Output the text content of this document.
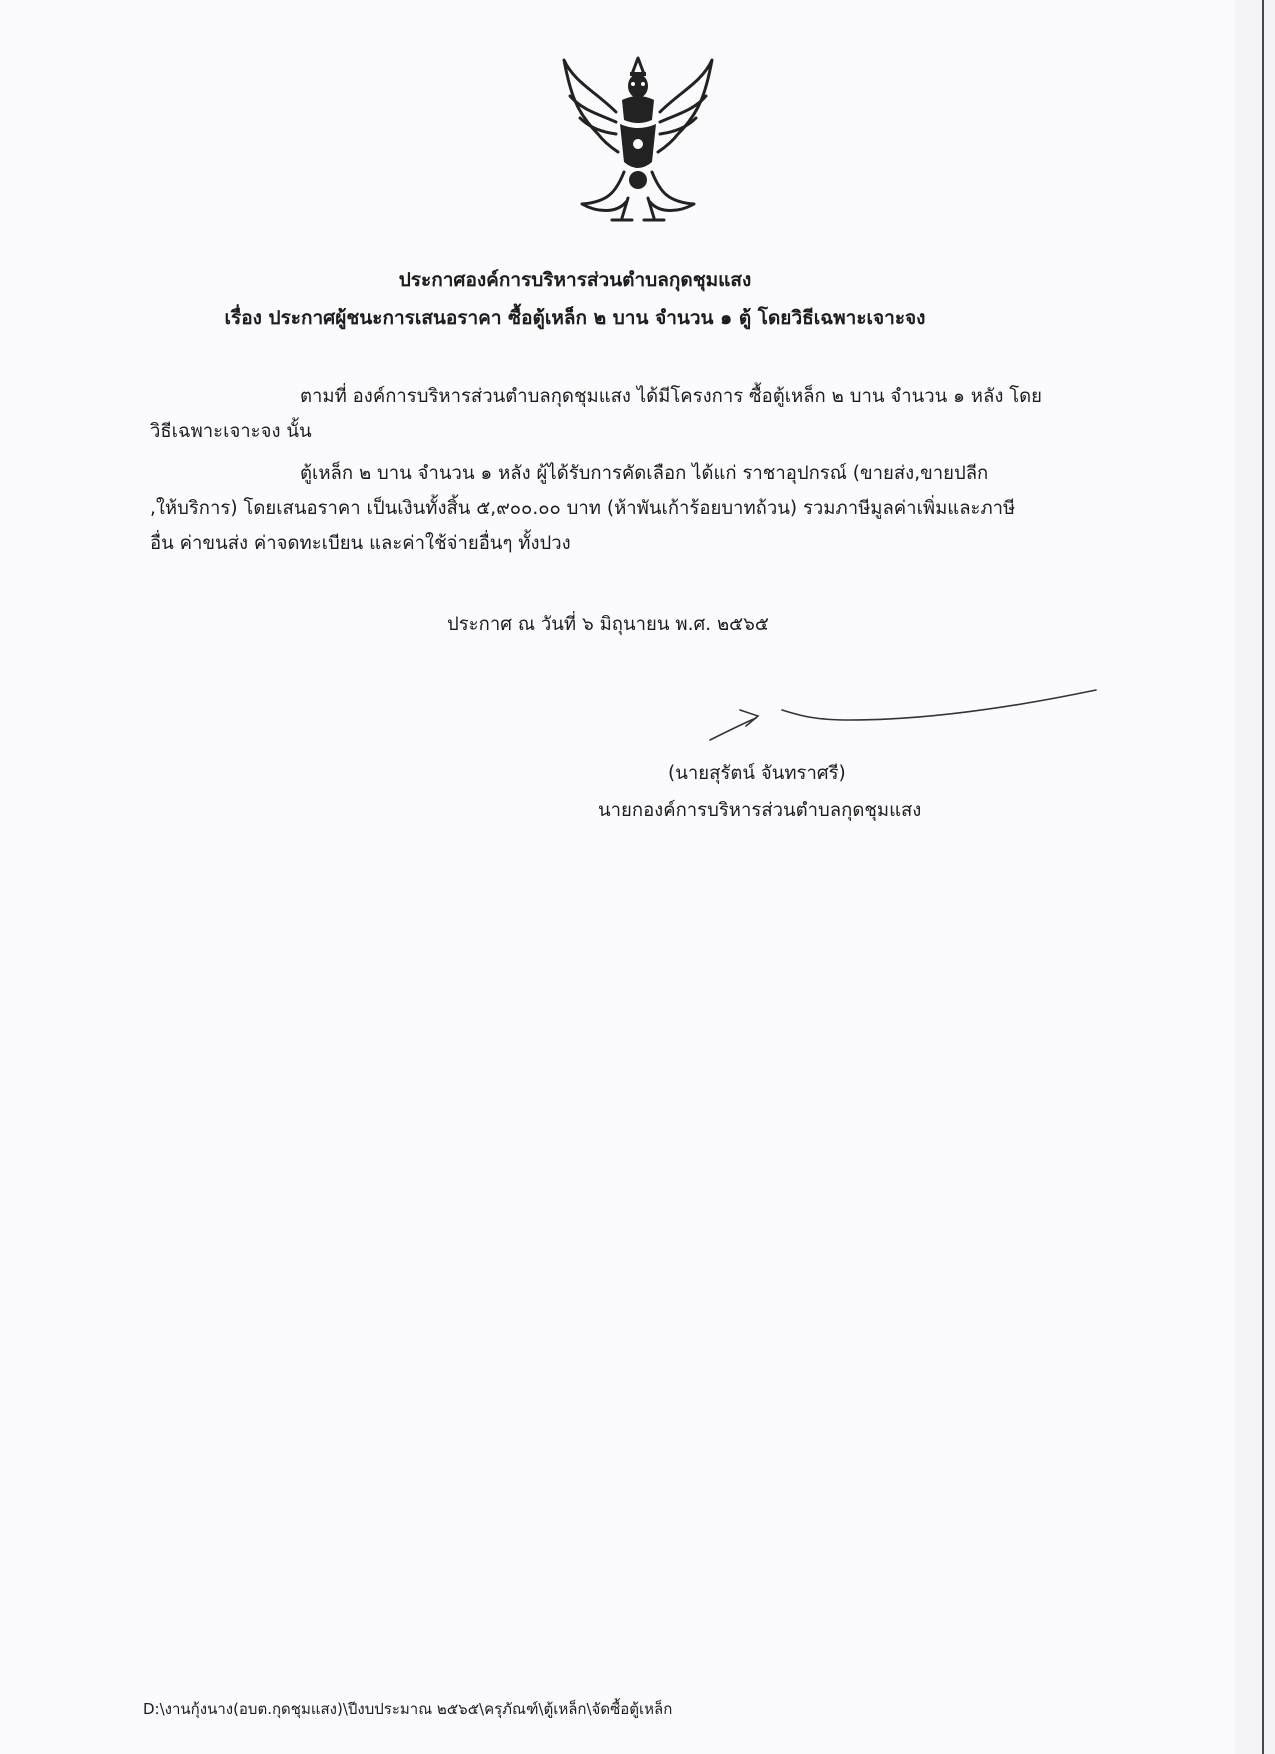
ประกาศองค์การบริหารส่วนตำบลกุดชุมแสง
เรื่อง ประกาศผู้ชนะการเสนอราคา ซื้อตู้เหล็ก ๒ บาน จำนวน ๑ ตู้ โดยวิธีเฉพาะเจาะจง
ตามที่ องค์การบริหารส่วนตำบลกุดชุมแสง ได้มีโครงการ ซื้อตู้เหล็ก ๒ บาน จำนวน ๑ หลัง โดย
วิธีเฉพาะเจาะจง นั้น
ตู้เหล็ก ๒ บาน จำนวน ๑ หลัง ผู้ได้รับการคัดเลือก ได้แก่ ราชาอุปกรณ์ (ขายส่ง,ขายปลีก
,ให้บริการ) โดยเสนอราคา เป็นเงินทั้งสิ้น ๕,๙๐๐.๐๐ บาท (ห้าพันเก้าร้อยบาทถ้วน) รวมภาษีมูลค่าเพิ่มและภาษี
อื่น ค่าขนส่ง ค่าจดทะเบียน และค่าใช้จ่ายอื่นๆ ทั้งปวง
ประกาศ ณ วันที่ ๖ มิถุนายน พ.ศ. ๒๕๖๕
(นายสุรัตน์ จันทราศรี)
นายกองค์การบริหารส่วนตำบลกุดชุมแสง
D:\งานกุ้งนาง(อบต.กุดชุมแสง)\ปีงบประมาณ ๒๕๖๕\ครุภัณฑ์\ตู้เหล็ก\จัดซื้อตู้เหล็ก
